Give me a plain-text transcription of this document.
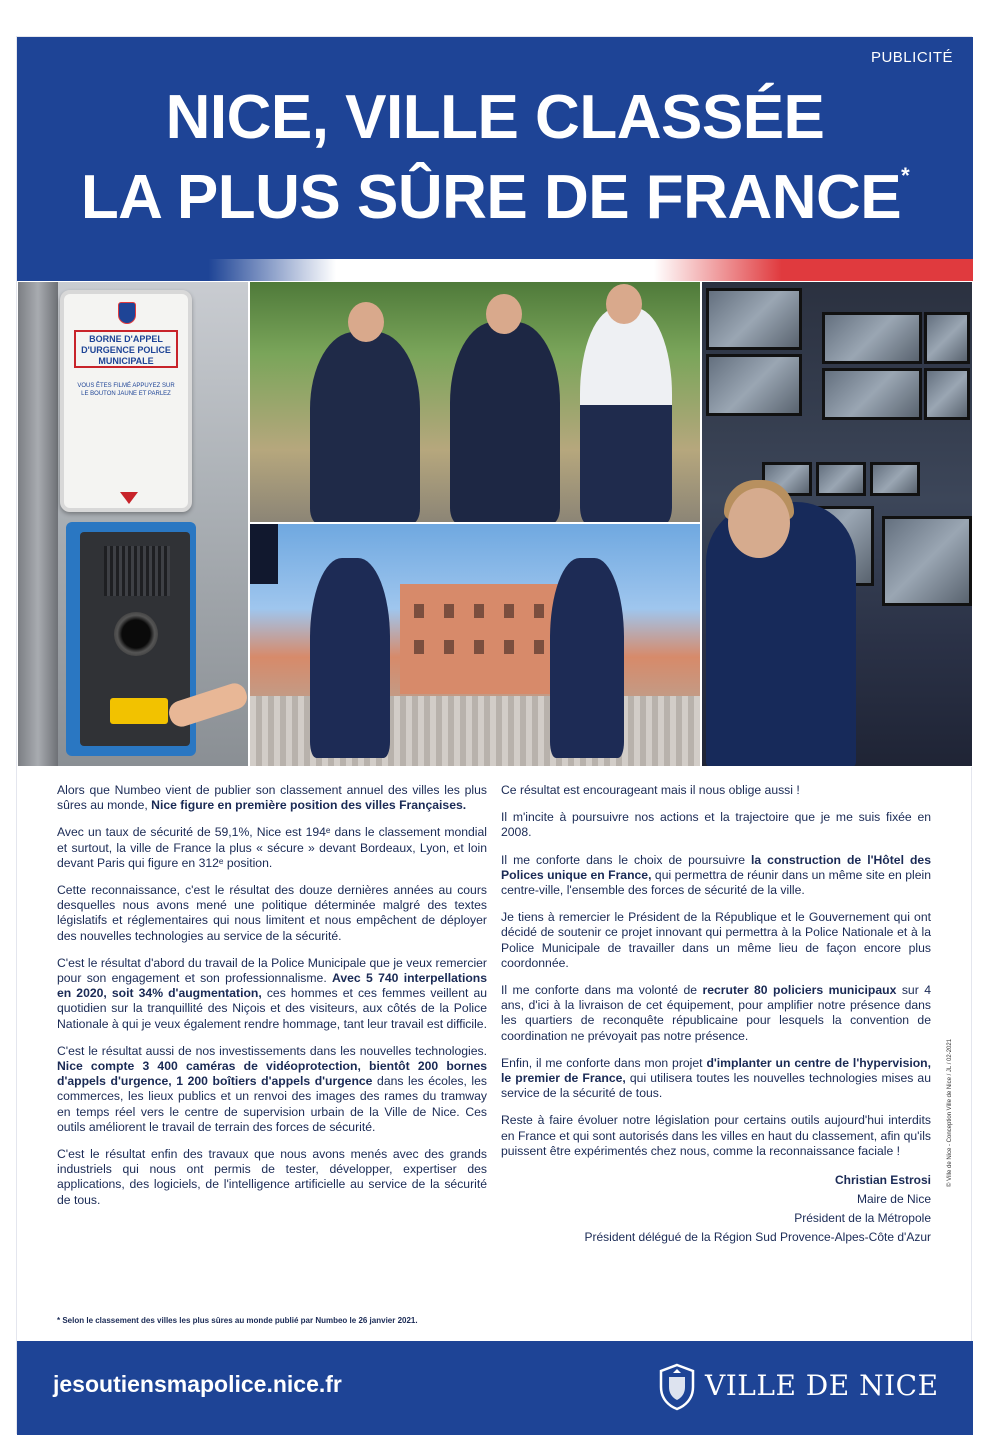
PUBLICITÉ
NICE, VILLE CLASSÉE
LA PLUS SÛRE DE FRANCE*
BORNE D'APPEL D'URGENCE POLICE MUNICIPALE
VOUS ÊTES FILMÉ APPUYEZ SUR LE BOUTON JAUNE ET PARLEZ

Alors que Numbeo vient de publier son classement annuel des villes les plus sûres au monde, Nice figure en première position des villes Françaises.

Avec un taux de sécurité de 59,1%, Nice est 194ᵉ dans le classement mondial et surtout, la ville de France la plus « sécure » devant Bordeaux, Lyon, et loin devant Paris qui figure en 312ᵉ position.

Cette reconnaissance, c'est le résultat des douze dernières années au cours desquelles nous avons mené une politique déterminée malgré des textes législatifs et réglementaires qui nous limitent et nous empêchent de déployer des nouvelles technologies au service de la sécurité.

C'est le résultat d'abord du travail de la Police Municipale que je veux remercier pour son engagement et son professionnalisme. Avec 5 740 interpellations en 2020, soit 34% d'augmentation, ces hommes et ces femmes veillent au quotidien sur la tranquillité des Niçois et des visiteurs, aux côtés de la Police Nationale à qui je veux également rendre hommage, tant leur travail est difficile.

C'est le résultat aussi de nos investissements dans les nouvelles technologies. Nice compte 3 400 caméras de vidéoprotection, bientôt 200 bornes d'appels d'urgence, 1 200 boîtiers d'appels d'urgence dans les écoles, les commerces, les lieux publics et un renvoi des images des rames du tramway en temps réel vers le centre de supervision urbain de la Ville de Nice. Ces outils améliorent le travail de terrain des forces de sécurité.

C'est le résultat enfin des travaux que nous avons menés avec des grands industriels qui nous ont permis de tester, développer, expertiser des applications, des logiciels, de l'intelligence artificielle au service de la sécurité de tous.

Ce résultat est encourageant mais il nous oblige aussi !

Il m'incite à poursuivre nos actions et la trajectoire que je me suis fixée en 2008.

Il me conforte dans le choix de poursuivre la construction de l'Hôtel des Polices unique en France, qui permettra de réunir dans un même site en plein centre-ville, l'ensemble des forces de sécurité de la ville.

Je tiens à remercier le Président de la République et le Gouvernement qui ont décidé de soutenir ce projet innovant qui permettra à la Police Nationale et à la Police Municipale de travailler dans un même lieu de façon encore plus coordonnée.

Il me conforte dans ma volonté de recruter 80 policiers municipaux sur 4 ans, d'ici à la livraison de cet équipement, pour amplifier notre présence dans les quartiers de reconquête républicaine pour lesquels la convention de coordination ne prévoyait pas notre présence.

Enfin, il me conforte dans mon projet d'implanter un centre de l'hypervision, le premier de France, qui utilisera toutes les nouvelles technologies mises au service de la sécurité de tous.

Reste à faire évoluer notre législation pour certains outils aujourd'hui interdits en France et qui sont autorisés dans les villes en haut du classement, afin qu'ils puissent être expérimentés chez nous, comme la reconnaissance faciale !

Christian Estrosi
Maire de Nice
Président de la Métropole
Président délégué de la Région Sud Provence-Alpes-Côte d'Azur
* Selon le classement des villes les plus sûres au monde publié par Numbeo le 26 janvier 2021.
© Ville de Nice - Conception Ville de Nice / JL / 02-2021
jesoutiensmapolice.nice.fr	VILLE DE NICE
